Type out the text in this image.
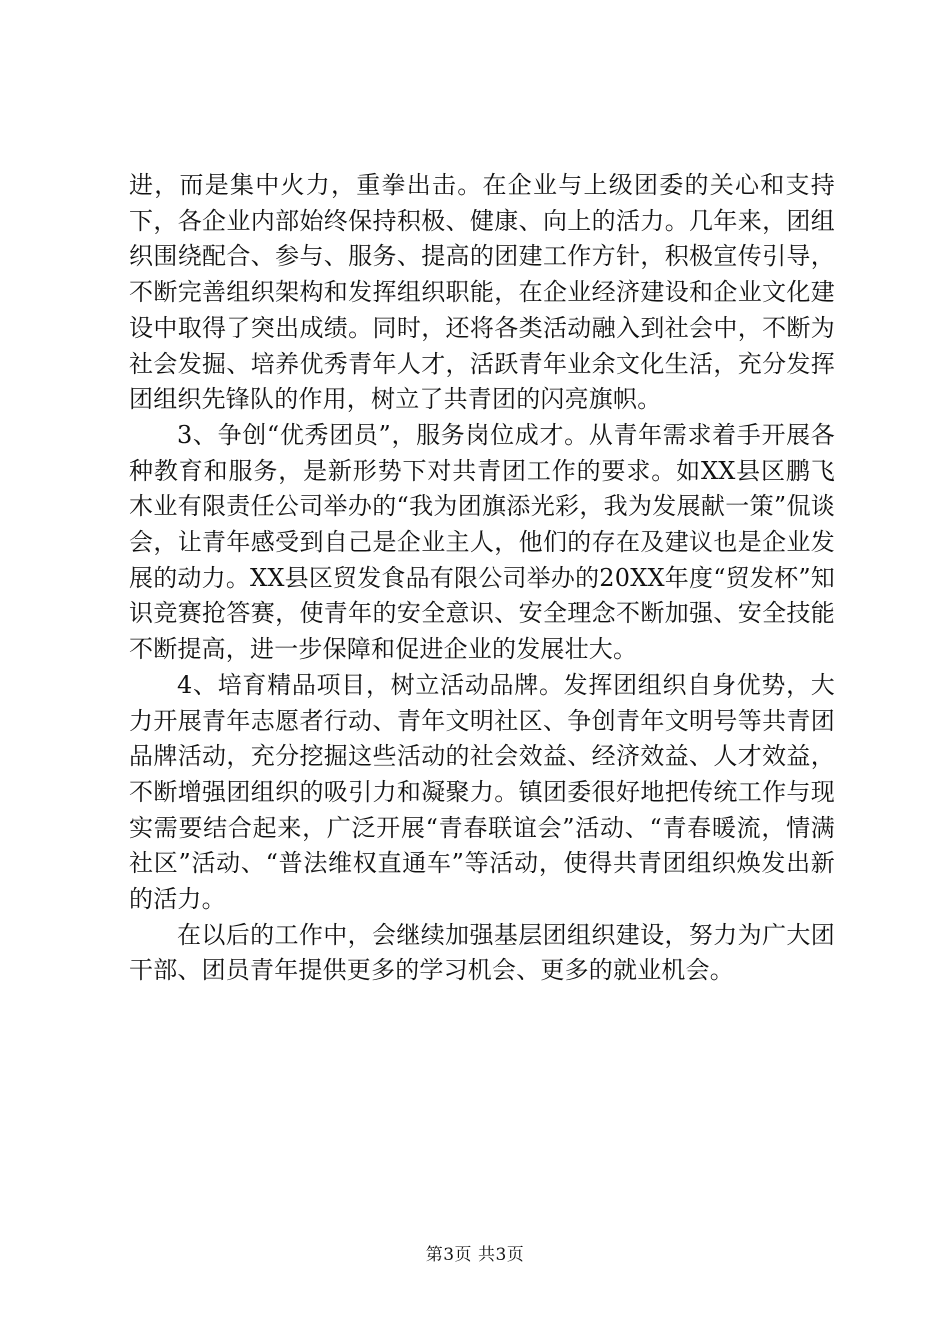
进，而是集中火力，重拳出击。在企业与上级团委的关心和支持下，各企业内部始终保持积极、健康、向上的活力。几年来，团组织围绕配合、参与、服务、提高的团建工作方针，积极宣传引导，不断完善组织架构和发挥组织职能，在企业经济建设和企业文化建设中取得了突出成绩。同时，还将各类活动融入到社会中，不断为社会发掘、培养优秀青年人才，活跃青年业余文化生活，充分发挥团组织先锋队的作用，树立了共青团的闪亮旗帜。

3、争创“优秀团员”，服务岗位成才。从青年需求着手开展各种教育和服务，是新形势下对共青团工作的要求。如XX县区鹏飞木业有限责任公司举办的“我为团旗添光彩，我为发展献一策”侃谈会，让青年感受到自己是企业主人，他们的存在及建议也是企业发展的动力。XX县区贸发食品有限公司举办的20XX年度“贸发杯”知识竞赛抢答赛，使青年的安全意识、安全理念不断加强、安全技能不断提高，进一步保障和促进企业的发展壮大。

4、培育精品项目，树立活动品牌。发挥团组织自身优势，大力开展青年志愿者行动、青年文明社区、争创青年文明号等共青团品牌活动，充分挖掘这些活动的社会效益、经济效益、人才效益，不断增强团组织的吸引力和凝聚力。镇团委很好地把传统工作与现实需要结合起来，广泛开展“青春联谊会”活动、“青春暖流，情满社区”活动、“普法维权直通车”等活动，使得共青团组织焕发出新的活力。

在以后的工作中，会继续加强基层团组织建设，努力为广大团干部、团员青年提供更多的学习机会、更多的就业机会。

第3页 共3页
